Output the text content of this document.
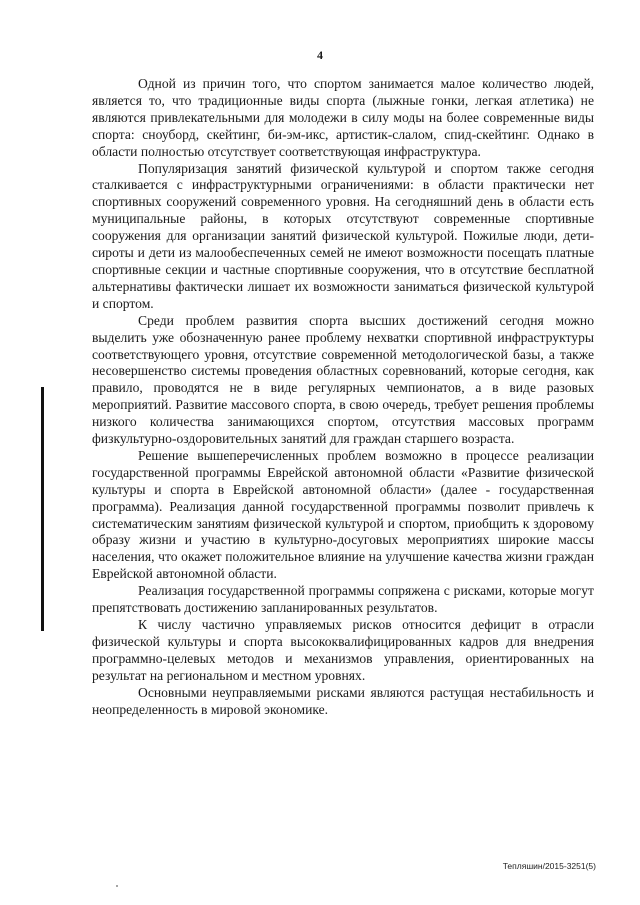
4

Одной из причин того, что спортом занимается малое количество людей, является то, что традиционные виды спорта (лыжные гонки, легкая атлетика) не являются привлекательными для молодежи в силу моды на более современные виды спорта: сноуборд, скейтинг, би-эм-икс, артистик-слалом, спид-скейтинг. Однако в области полностью отсутствует соответствующая инфраструктура.

Популяризация занятий физической культурой и спортом также сегодня сталкивается с инфраструктурными ограничениями: в области практически нет спортивных сооружений современного уровня. На сегодняшний день в области есть муниципальные районы, в которых отсутствуют современные спортивные сооружения для организации занятий физической культурой. Пожилые люди, дети-сироты и дети из малообеспеченных семей не имеют возможности посещать платные спортивные секции и частные спортивные сооружения, что в отсутствие бесплатной альтернативы фактически лишает их возможности заниматься физической культурой и спортом.

Среди проблем развития спорта высших достижений сегодня можно выделить уже обозначенную ранее проблему нехватки спортивной инфраструктуры соответствующего уровня, отсутствие современной методологической базы, а также несовершенство системы проведения областных соревнований, которые сегодня, как правило, проводятся не в виде регулярных чемпионатов, а в виде разовых мероприятий. Развитие массового спорта, в свою очередь, требует решения проблемы низкого количества занимающихся спортом, отсутствия массовых программ физкультурно-оздоровительных занятий для граждан старшего возраста.

Решение вышеперечисленных проблем возможно в процессе реализации государственной программы Еврейской автономной области «Развитие физической культуры и спорта в Еврейской автономной области» (далее - государственная программа). Реализация данной государственной программы позволит привлечь к систематическим занятиям физической культурой и спортом, приобщить к здоровому образу жизни и участию в культурно-досуговых мероприятиях широкие массы населения, что окажет положительное влияние на улучшение качества жизни граждан Еврейской автономной области.

Реализация государственной программы сопряжена с рисками, которые могут препятствовать достижению запланированных результатов.

К числу частично управляемых рисков относится дефицит в отрасли физической культуры и спорта высококвалифицированных кадров для внедрения программно-целевых методов и механизмов управления, ориентированных на результат на региональном и местном уровнях.

Основными неуправляемыми рисками являются растущая нестабильность и неопределенность в мировой экономике.

Тепляшин/2015-3251(5)
